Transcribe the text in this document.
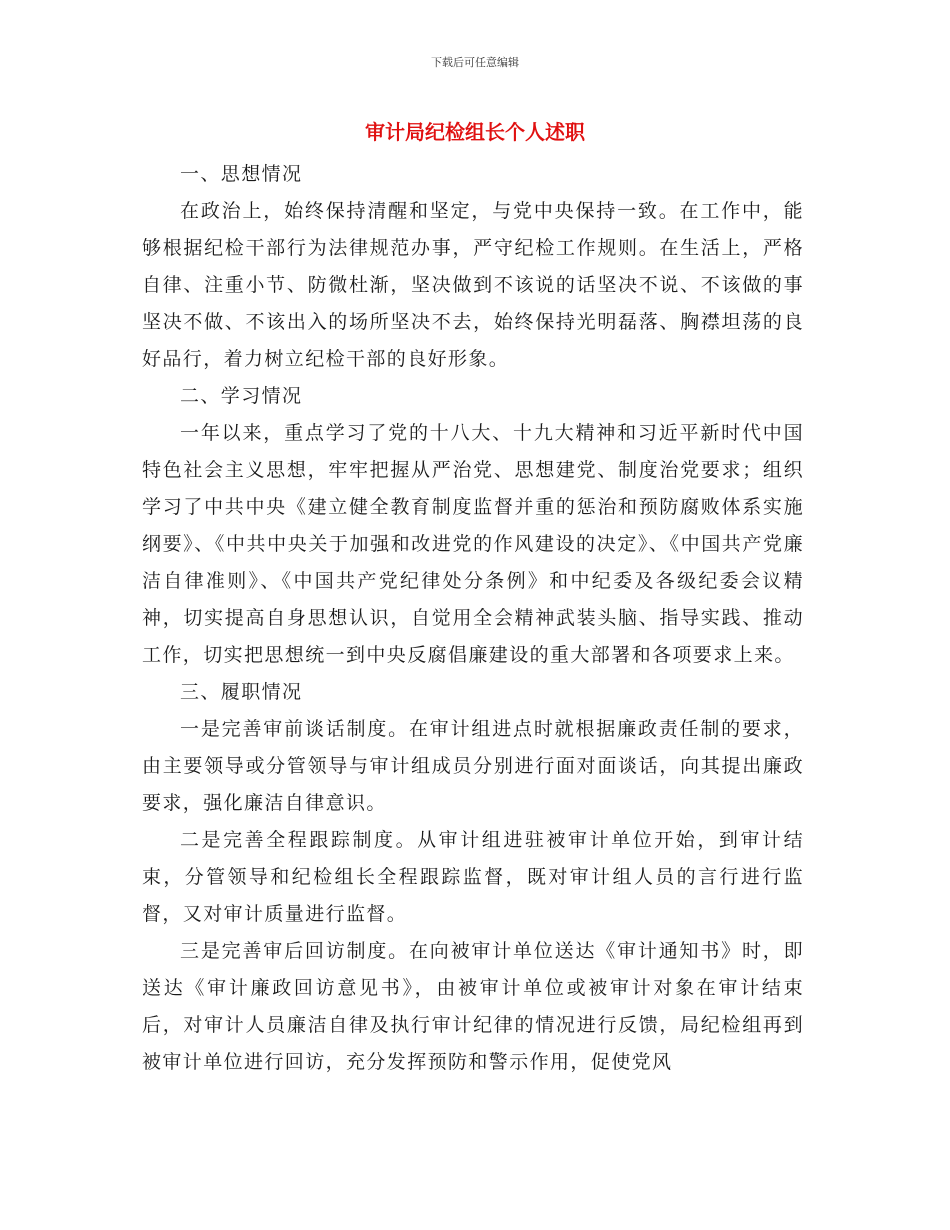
下载后可任意编辑
审计局纪检组长个人述职

一、思想情况

在政治上，始终保持清醒和坚定，与党中央保持一致。在工作中，能够根据纪检干部行为法律规范办事，严守纪检工作规则。在生活上，严格自律、注重小节、防微杜渐，坚决做到不该说的话坚决不说、不该做的事坚决不做、不该出入的场所坚决不去，始终保持光明磊落、胸襟坦荡的良好品行，着力树立纪检干部的良好形象。

二、学习情况

一年以来，重点学习了党的十八大、十九大精神和习近平新时代中国特色社会主义思想，牢牢把握从严治党、思想建党、制度治党要求；组织学习了中共中央《建立健全教育制度监督并重的惩治和预防腐败体系实施纲要》、《中共中央关于加强和改进党的作风建设的决定》、《中国共产党廉洁自律准则》、《中国共产党纪律处分条例》和中纪委及各级纪委会议精神，切实提高自身思想认识，自觉用全会精神武装头脑、指导实践、推动工作，切实把思想统一到中央反腐倡廉建设的重大部署和各项要求上来。

三、履职情况

一是完善审前谈话制度。在审计组进点时就根据廉政责任制的要求，由主要领导或分管领导与审计组成员分别进行面对面谈话，向其提出廉政要求，强化廉洁自律意识。

二是完善全程跟踪制度。从审计组进驻被审计单位开始，到审计结束，分管领导和纪检组长全程跟踪监督，既对审计组人员的言行进行监督，又对审计质量进行监督。

三是完善审后回访制度。在向被审计单位送达《审计通知书》时，即送达《审计廉政回访意见书》，由被审计单位或被审计对象在审计结束后，对审计人员廉洁自律及执行审计纪律的情况进行反馈，局纪检组再到被审计单位进行回访，充分发挥预防和警示作用，促使党风
